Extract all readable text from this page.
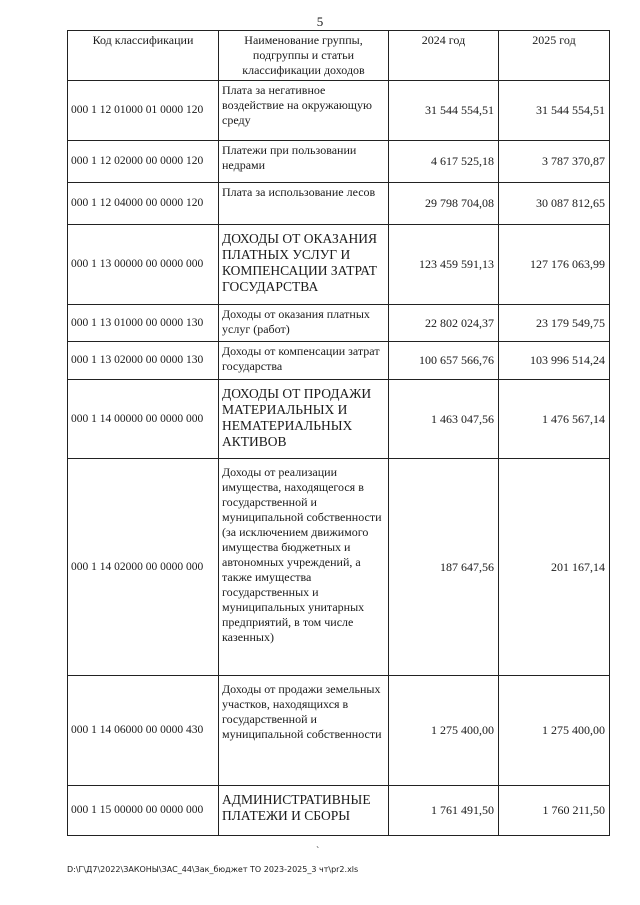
5
Код классификации	Наименование группы, подгруппы и статьи классификации доходов	2024 год	2025 год
000 1 12 01000 01 0000 120	Плата за негативное воздействие на окружающую среду	31 544 554,51	31 544 554,51
000 1 12 02000 00 0000 120	Платежи при пользовании недрами	4 617 525,18	3 787 370,87
000 1 12 04000 00 0000 120	Плата за использование лесов	29 798 704,08	30 087 812,65
000 1 13 00000 00 0000 000	ДОХОДЫ ОТ ОКАЗАНИЯ ПЛАТНЫХ УСЛУГ И КОМПЕНСАЦИИ ЗАТРАТ ГОСУДАРСТВА	123 459 591,13	127 176 063,99
000 1 13 01000 00 0000 130	Доходы от оказания платных услуг (работ)	22 802 024,37	23 179 549,75
000 1 13 02000 00 0000 130	Доходы от компенсации затрат государства	100 657 566,76	103 996 514,24
000 1 14 00000 00 0000 000	ДОХОДЫ ОТ ПРОДАЖИ МАТЕРИАЛЬНЫХ И НЕМАТЕРИАЛЬНЫХ АКТИВОВ	1 463 047,56	1 476 567,14
000 1 14 02000 00 0000 000	Доходы от реализации имущества, находящегося в государственной и муниципальной собственности (за исключением движимого имущества бюджетных и автономных учреждений, а также имущества государственных и муниципальных унитарных предприятий, в том числе казенных)	187 647,56	201 167,14
000 1 14 06000 00 0000 430	Доходы от продажи земельных участков, находящихся в государственной и муниципальной собственности	1 275 400,00	1 275 400,00
000 1 15 00000 00 0000 000	АДМИНИСТРАТИВНЫЕ ПЛАТЕЖИ И СБОРЫ	1 761 491,50	1 760 211,50
ˋ
D:\Г\Д7\2022\ЗАКОНЫ\ЗАС_44\Зак_бюджет ТО 2023-2025_3 чт\pr2.xls
